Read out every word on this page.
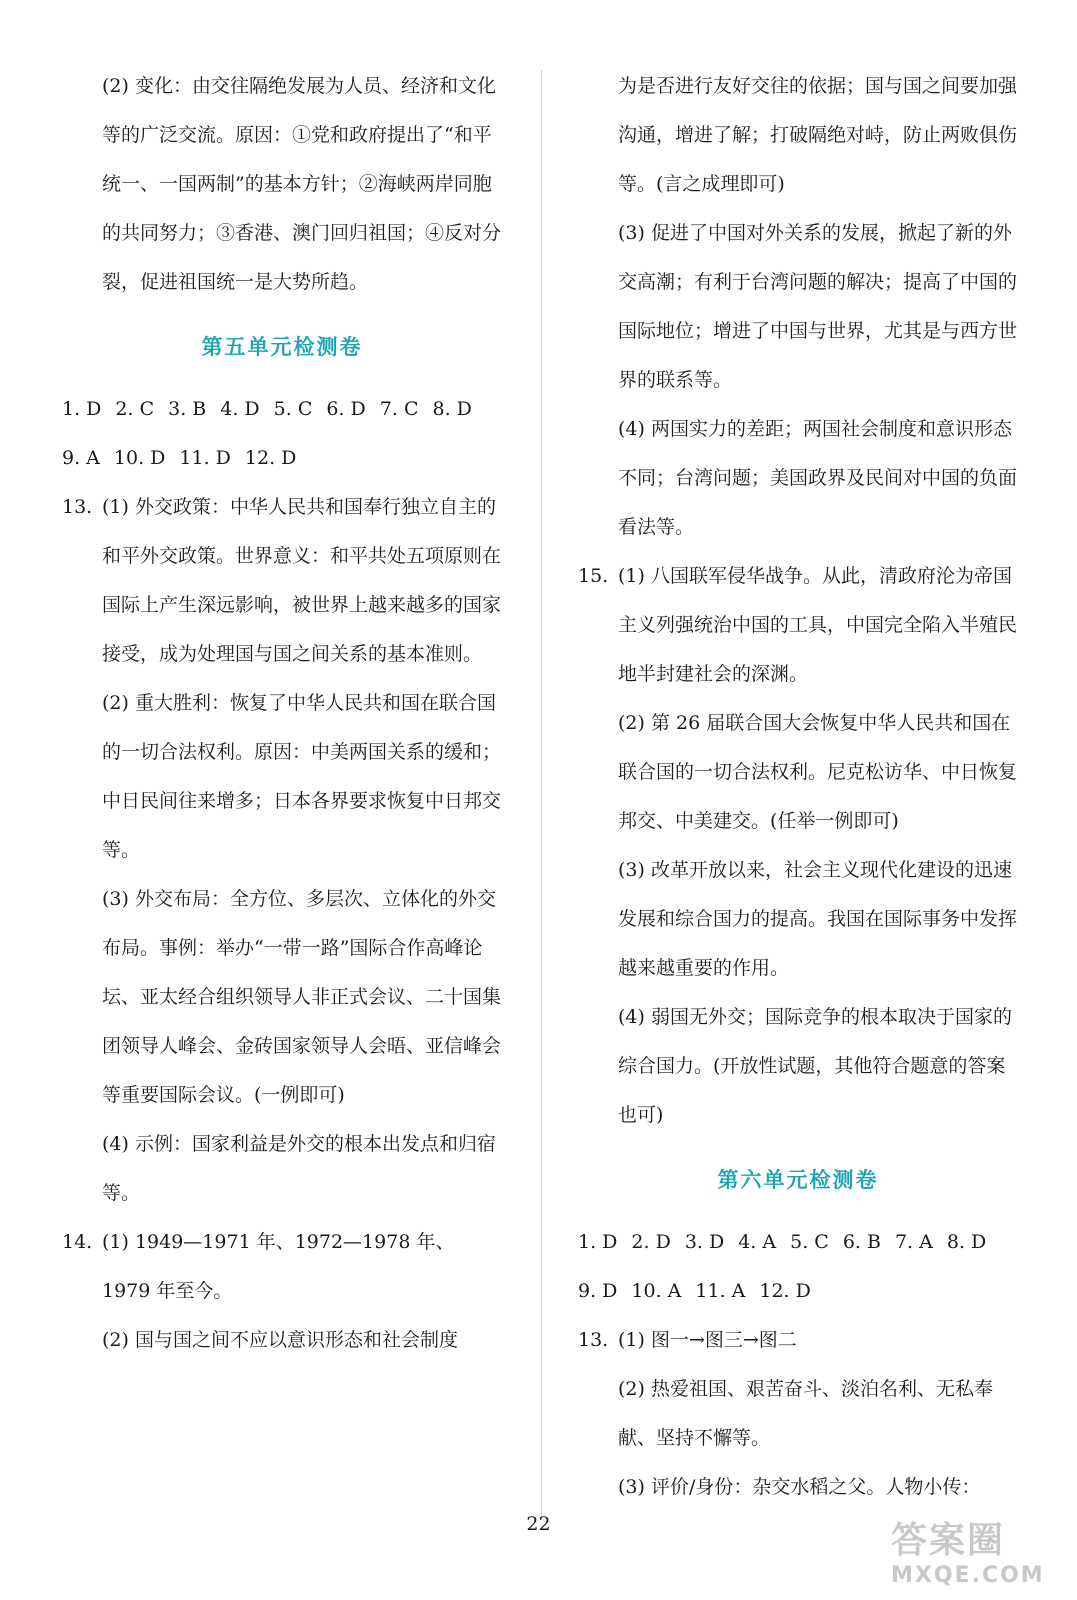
(2) 变化：由交往隔绝发展为人员、经济和文化等的广泛交流。原因：①党和政府提出了“和平统一、一国两制”的基本方针；②海峡两岸同胞的共同努力；③香港、澳门回归祖国；④反对分裂，促进祖国统一是大势所趋。

第五单元检测卷
1. D 2. C 3. B 4. D 5. C 6. D 7. C 8. D
9. A 10. D 11. D 12. D
13. (1) 外交政策：中华人民共和国奉行独立自主的和平外交政策。世界意义：和平共处五项原则在国际上产生深远影响，被世界上越来越多的国家接受，成为处理国与国之间关系的基本准则。

(2) 重大胜利：恢复了中华人民共和国在联合国的一切合法权利。原因：中美两国关系的缓和；中日民间往来增多；日本各界要求恢复中日邦交等。

(3) 外交布局：全方位、多层次、立体化的外交布局。事例：举办“一带一路”国际合作高峰论坛、亚太经合组织领导人非正式会议、二十国集团领导人峰会、金砖国家领导人会晤、亚信峰会等重要国际会议。(一例即可)

(4) 示例：国家利益是外交的根本出发点和归宿等。

14. (1) 1949—1971 年、1972—1978 年、1979 年至今。

(2) 国与国之间不应以意识形态和社会制度

为是否进行友好交往的依据；国与国之间要加强沟通，增进了解；打破隔绝对峙，防止两败俱伤等。(言之成理即可)

(3) 促进了中国对外关系的发展，掀起了新的外交高潮；有利于台湾问题的解决；提高了中国的国际地位；增进了中国与世界，尤其是与西方世界的联系等。

(4) 两国实力的差距；两国社会制度和意识形态不同；台湾问题；美国政界及民间对中国的负面看法等。

15. (1) 八国联军侵华战争。从此，清政府沦为帝国主义列强统治中国的工具，中国完全陷入半殖民地半封建社会的深渊。

(2) 第 26 届联合国大会恢复中华人民共和国在联合国的一切合法权利。尼克松访华、中日恢复邦交、中美建交。(任举一例即可)

(3) 改革开放以来，社会主义现代化建设的迅速发展和综合国力的提高。我国在国际事务中发挥越来越重要的作用。

(4) 弱国无外交；国际竞争的根本取决于国家的综合国力。(开放性试题，其他符合题意的答案也可)

第六单元检测卷
1. D 2. D 3. D 4. A 5. C 6. B 7. A 8. D
9. D 10. A 11. A 12. D
13. (1) 图一→图三→图二

(2) 热爱祖国、艰苦奋斗、淡泊名利、无私奉献、坚持不懈等。

(3) 评价/身份：杂交水稻之父。人物小传：

22	答案圈
MXQE.COM
